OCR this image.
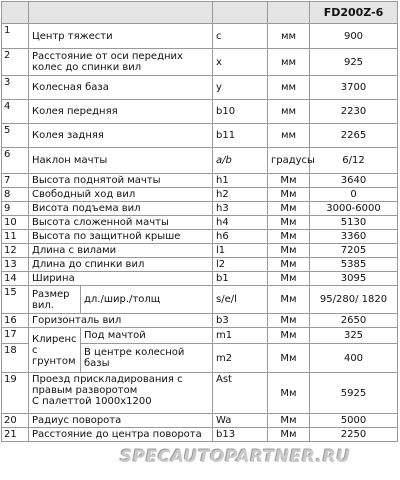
					FD200Z-6
1	Центр тяжести		c	мм	900
2	Расстояние от оси передних колес до спинки вил		x	мм	925
3	Колесная база		y	мм	3700
4	Колея передняя		b10	мм	2230
5	Колея задняя		b11	мм	2265
6	Наклон мачты		a/b	градусы	6/12
7	Высота поднятой мачты		h1	Мм	3640
8	Свободный ход вил		h2	Мм	0
9	Висота подъема вил		h3	Мм	3000-6000
10	Высота сложенной мачты		h4	Мм	5130
11	Высота по защитной крыше		h6	Мм	3360
12	Длина с вилами		l1	Мм	7205
13	Длина до спинки вил		l2	Мм	5385
14	Ширина		b1	Мм	3095
15	Размер вил.	дл./шир./толщ	s/e/l	Мм	95/280/ 1820
16	Горизонталь вил		b3	Мм	2650
17	Клиренс с грунтом	Под мачтой	m1	Мм	325
18		В центре колесной базы	m2	Мм	400
19	Проезд прискладирования с правым разворотом
С палеттой 1000х1200		Ast	Мм	5925
20	Радиус поворота		Wa	Мм	5000
21	Расстояние до центра поворота		b13	Мм	2250
SPECAUTOPARTNER.RU
